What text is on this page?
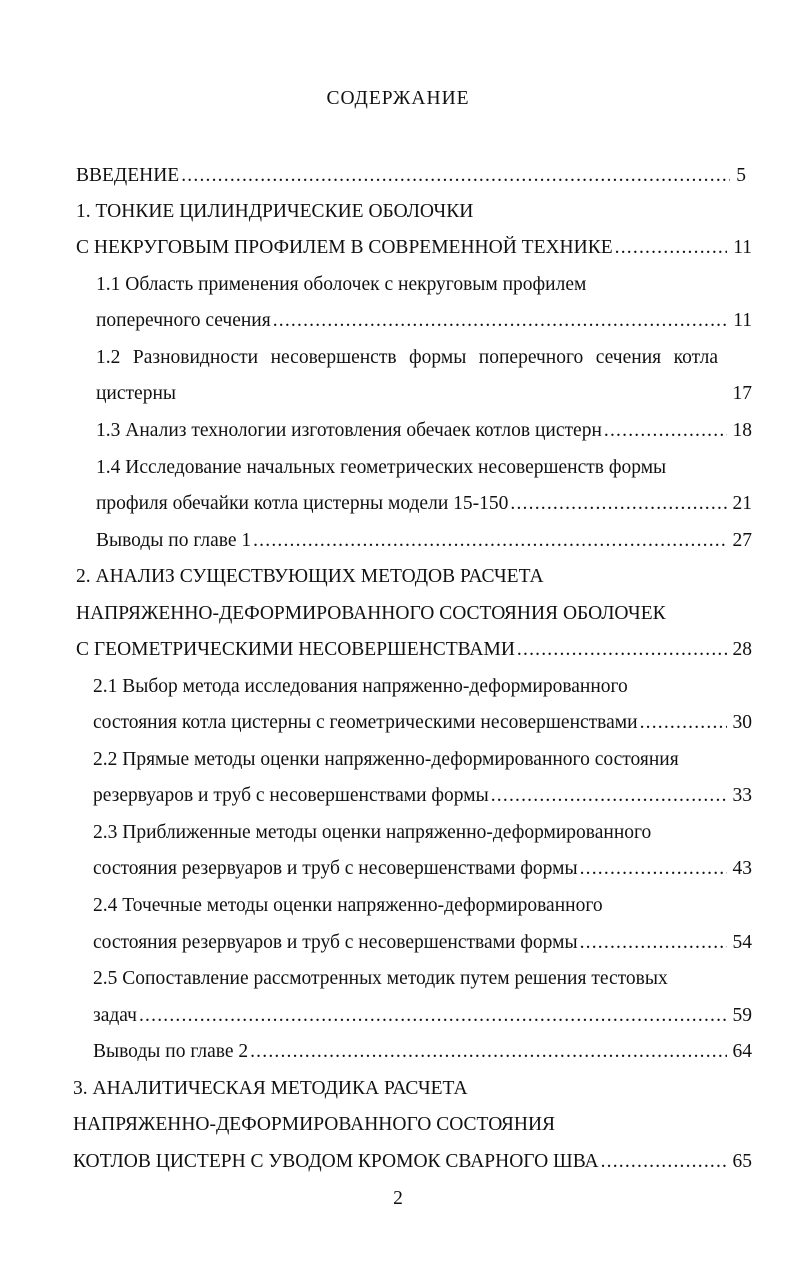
СОДЕРЖАНИЕ
ВВЕДЕНИЕ .....	5
1. ТОНКИЕ ЦИЛИНДРИЧЕСКИЕ ОБОЛОЧКИ
С НЕКРУГОВЫМ ПРОФИЛЕМ В СОВРЕМЕННОЙ ТЕХНИКЕ .....	11
1.1 Область применения оболочек с некруговым профилем
поперечного сечения .....	11
1.2 Разновидности несовершенств формы поперечного сечения котла
цистерны	17
1.3 Анализ технологии изготовления обечаек котлов цистерн .....	18
1.4 Исследование начальных геометрических несовершенств формы
профиля обечайки котла цистерны модели 15-150 .....	21
Выводы по главе 1 .....	27
2. АНАЛИЗ СУЩЕСТВУЮЩИХ МЕТОДОВ РАСЧЕТА
НАПРЯЖЕННО-ДЕФОРМИРОВАННОГО СОСТОЯНИЯ ОБОЛОЧЕК
С ГЕОМЕТРИЧЕСКИМИ НЕСОВЕРШЕНСТВАМИ .....	28
2.1 Выбор метода исследования напряженно-деформированного
состояния котла цистерны с геометрическими несовершенствами .....	30
2.2 Прямые методы оценки напряженно-деформированного состояния
резервуаров и труб с несовершенствами формы .....	33
2.3 Приближенные методы оценки напряженно-деформированного
состояния резервуаров и труб с несовершенствами формы .....	43
2.4 Точечные методы оценки напряженно-деформированного
состояния резервуаров и труб с несовершенствами формы .....	54
2.5 Сопоставление рассмотренных методик путем решения тестовых
задач .....	59
Выводы по главе 2 .....	64
3. АНАЛИТИЧЕСКАЯ МЕТОДИКА РАСЧЕТА
НАПРЯЖЕННО-ДЕФОРМИРОВАННОГО СОСТОЯНИЯ
КОТЛОВ ЦИСТЕРН С УВОДОМ КРОМОК СВАРНОГО ШВА .....	65
2
